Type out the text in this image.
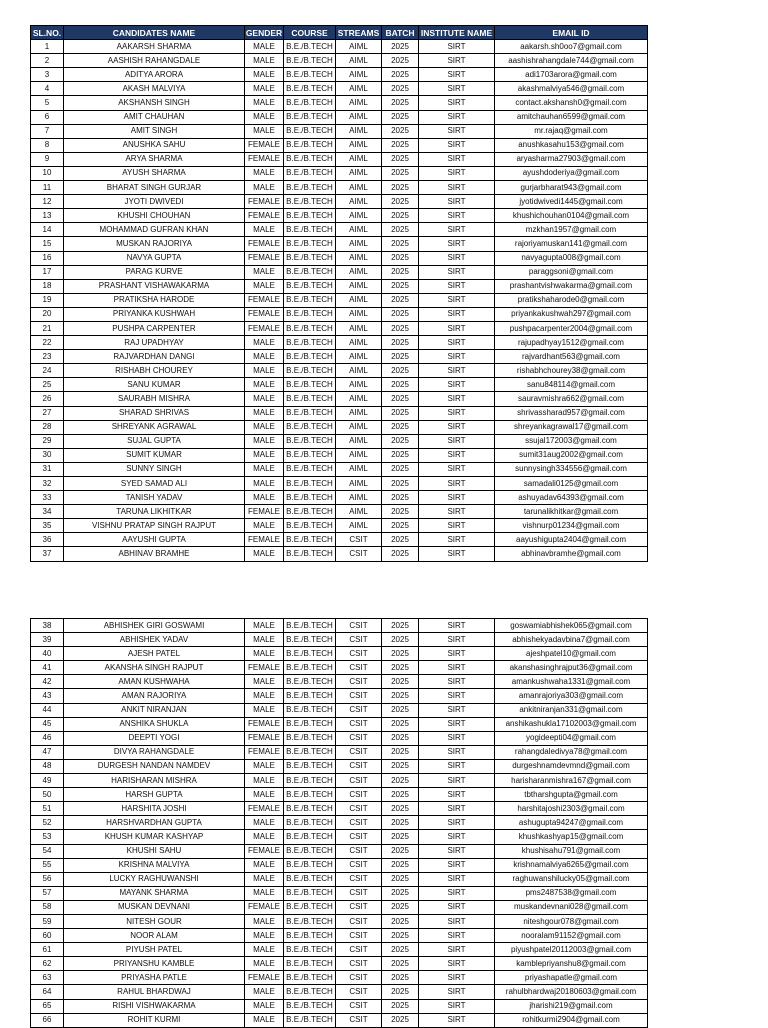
SL.NO.	CANDIDATES NAME	GENDER	COURSE	STREAMS	BATCH	INSTITUTE NAME	EMAIL ID
1	AAKARSH SHARMA	MALE	B.E./B.TECH	AIML	2025	SIRT	aakarsh.sh0oo7@gmail.com
2	AASHISH RAHANGDALE	MALE	B.E./B.TECH	AIML	2025	SIRT	aashishrahangdale744@gmail.com
3	ADITYA ARORA	MALE	B.E./B.TECH	AIML	2025	SIRT	adi1703arora@gmail.com
4	AKASH MALVIYA	MALE	B.E./B.TECH	AIML	2025	SIRT	akashmalviya546@gmail.com
5	AKSHANSH SINGH	MALE	B.E./B.TECH	AIML	2025	SIRT	contact.akshansh0@gmail.com
6	AMIT CHAUHAN	MALE	B.E./B.TECH	AIML	2025	SIRT	amitchauhan6599@gmail.com
7	AMIT SINGH	MALE	B.E./B.TECH	AIML	2025	SIRT	mr.rajaq@gmail.com
8	ANUSHKA SAHU	FEMALE	B.E./B.TECH	AIML	2025	SIRT	anushkasahu153@gmail.com
9	ARYA SHARMA	FEMALE	B.E./B.TECH	AIML	2025	SIRT	aryasharma27903@gmail.com
10	AYUSH SHARMA	MALE	B.E./B.TECH	AIML	2025	SIRT	ayushdoderiya@gmail.com
11	BHARAT SINGH GURJAR	MALE	B.E./B.TECH	AIML	2025	SIRT	gurjarbharat943@gmail.com
12	JYOTI DWIVEDI	FEMALE	B.E./B.TECH	AIML	2025	SIRT	jyotidwivedi1445@gmail.com
13	KHUSHI CHOUHAN	FEMALE	B.E./B.TECH	AIML	2025	SIRT	khushichouhan0104@gmail.com
14	MOHAMMAD GUFRAN KHAN	MALE	B.E./B.TECH	AIML	2025	SIRT	mzkhan1957@gmail.com
15	MUSKAN RAJORIYA	FEMALE	B.E./B.TECH	AIML	2025	SIRT	rajoriyamuskan141@gmail.com
16	NAVYA GUPTA	FEMALE	B.E./B.TECH	AIML	2025	SIRT	navyagupta008@gmail.com
17	PARAG KURVE	MALE	B.E./B.TECH	AIML	2025	SIRT	paraggsoni@gmail.com
18	PRASHANT VISHAWAKARMA	MALE	B.E./B.TECH	AIML	2025	SIRT	prashantvishwakarma@gmail.com
19	PRATIKSHA HARODE	FEMALE	B.E./B.TECH	AIML	2025	SIRT	pratikshaharode0@gmail.com
20	PRIYANKA KUSHWAH	FEMALE	B.E./B.TECH	AIML	2025	SIRT	priyankakushwah297@gmail.com
21	PUSHPA CARPENTER	FEMALE	B.E./B.TECH	AIML	2025	SIRT	pushpacarpenter2004@gmail.com
22	RAJ UPADHYAY	MALE	B.E./B.TECH	AIML	2025	SIRT	rajupadhyay1512@gmail.com
23	RAJVARDHAN DANGI	MALE	B.E./B.TECH	AIML	2025	SIRT	rajvardhant563@gmail.com
24	RISHABH CHOUREY	MALE	B.E./B.TECH	AIML	2025	SIRT	rishabhchourey38@gmail.com
25	SANU KUMAR	MALE	B.E./B.TECH	AIML	2025	SIRT	sanu848114@gmail.com
26	SAURABH MISHRA	MALE	B.E./B.TECH	AIML	2025	SIRT	sauravmishra662@gmail.com
27	SHARAD SHRIVAS	MALE	B.E./B.TECH	AIML	2025	SIRT	shrivassharad957@gmail.com
28	SHREYANK AGRAWAL	MALE	B.E./B.TECH	AIML	2025	SIRT	shreyankagrawal17@gmail.com
29	SUJAL GUPTA	MALE	B.E./B.TECH	AIML	2025	SIRT	ssujal172003@gmail.com
30	SUMIT KUMAR	MALE	B.E./B.TECH	AIML	2025	SIRT	sumit31aug2002@gmail.com
31	SUNNY SINGH	MALE	B.E./B.TECH	AIML	2025	SIRT	sunnysingh334556@gmail.com
32	SYED SAMAD ALI	MALE	B.E./B.TECH	AIML	2025	SIRT	samadali0125@gmail.com
33	TANISH YADAV	MALE	B.E./B.TECH	AIML	2025	SIRT	ashuyadav64393@gmail.com
34	TARUNA LIKHITKAR	FEMALE	B.E./B.TECH	AIML	2025	SIRT	tarunalikhitkar@gmail.com
35	VISHNU PRATAP SINGH RAJPUT	MALE	B.E./B.TECH	AIML	2025	SIRT	vishnurp01234@gmail.com
36	AAYUSHI GUPTA	FEMALE	B.E./B.TECH	CSIT	2025	SIRT	aayushigupta2404@gmail.com
37	ABHINAV BRAMHE	MALE	B.E./B.TECH	CSIT	2025	SIRT	abhinavbramhe@gmail.com
38	ABHISHEK GIRI GOSWAMI	MALE	B.E./B.TECH	CSIT	2025	SIRT	goswamiabhishek065@gmail.com
39	ABHISHEK YADAV	MALE	B.E./B.TECH	CSIT	2025	SIRT	abhishekyadavbina7@gmail.com
40	AJESH PATEL	MALE	B.E./B.TECH	CSIT	2025	SIRT	ajeshpatel10@gmail.com
41	AKANSHA SINGH RAJPUT	FEMALE	B.E./B.TECH	CSIT	2025	SIRT	akanshasinghrajput36@gmail.com
42	AMAN KUSHWAHA	MALE	B.E./B.TECH	CSIT	2025	SIRT	amankushwaha1331@gmail.com
43	AMAN RAJORIYA	MALE	B.E./B.TECH	CSIT	2025	SIRT	amanrajoriya303@gmail.com
44	ANKIT NIRANJAN	MALE	B.E./B.TECH	CSIT	2025	SIRT	ankitniranjan331@gmail.com
45	ANSHIKA SHUKLA	FEMALE	B.E./B.TECH	CSIT	2025	SIRT	anshikashukla17102003@gmail.com
46	DEEPTI YOGI	FEMALE	B.E./B.TECH	CSIT	2025	SIRT	yogideepti04@gmail.com
47	DIVYA RAHANGDALE	FEMALE	B.E./B.TECH	CSIT	2025	SIRT	rahangdaledivya78@gmail.com
48	DURGESH NANDAN NAMDEV	MALE	B.E./B.TECH	CSIT	2025	SIRT	durgeshnamdevmnd@gmail.com
49	HARISHARAN MISHRA	MALE	B.E./B.TECH	CSIT	2025	SIRT	harisharanmishra167@gmail.com
50	HARSH GUPTA	MALE	B.E./B.TECH	CSIT	2025	SIRT	tbtharshgupta@gmail.com
51	HARSHITA JOSHI	FEMALE	B.E./B.TECH	CSIT	2025	SIRT	harshitajoshi2303@gmail.com
52	HARSHVARDHAN GUPTA	MALE	B.E./B.TECH	CSIT	2025	SIRT	ashugupta94247@gmail.com
53	KHUSH KUMAR KASHYAP	MALE	B.E./B.TECH	CSIT	2025	SIRT	khushkashyap15@gmail.com
54	KHUSHI SAHU	FEMALE	B.E./B.TECH	CSIT	2025	SIRT	khushisahu791@gmail.com
55	KRISHNA MALVIYA	MALE	B.E./B.TECH	CSIT	2025	SIRT	krishnamalviya6265@gmail.com
56	LUCKY RAGHUWANSHI	MALE	B.E./B.TECH	CSIT	2025	SIRT	raghuwanshilucky05@gmail.com
57	MAYANK SHARMA	MALE	B.E./B.TECH	CSIT	2025	SIRT	pms2487538@gmail.com
58	MUSKAN DEVNANI	FEMALE	B.E./B.TECH	CSIT	2025	SIRT	muskandevnani028@gmail.com
59	NITESH GOUR	MALE	B.E./B.TECH	CSIT	2025	SIRT	niteshgour078@gmail.com
60	NOOR ALAM	MALE	B.E./B.TECH	CSIT	2025	SIRT	nooralam91152@gmail.com
61	PIYUSH PATEL	MALE	B.E./B.TECH	CSIT	2025	SIRT	piyushpatel20112003@gmail.com
62	PRIYANSHU KAMBLE	MALE	B.E./B.TECH	CSIT	2025	SIRT	kamblepriyanshu8@gmail.com
63	PRIYASHA PATLE	FEMALE	B.E./B.TECH	CSIT	2025	SIRT	priyashapatle@gmail.com
64	RAHUL BHARDWAJ	MALE	B.E./B.TECH	CSIT	2025	SIRT	rahulbhardwaj20180603@gmail.com
65	RISHI VISHWAKARMA	MALE	B.E./B.TECH	CSIT	2025	SIRT	jharishi219@gmail.com
66	ROHIT KURMI	MALE	B.E./B.TECH	CSIT	2025	SIRT	rohitkurmi2904@gmail.com
